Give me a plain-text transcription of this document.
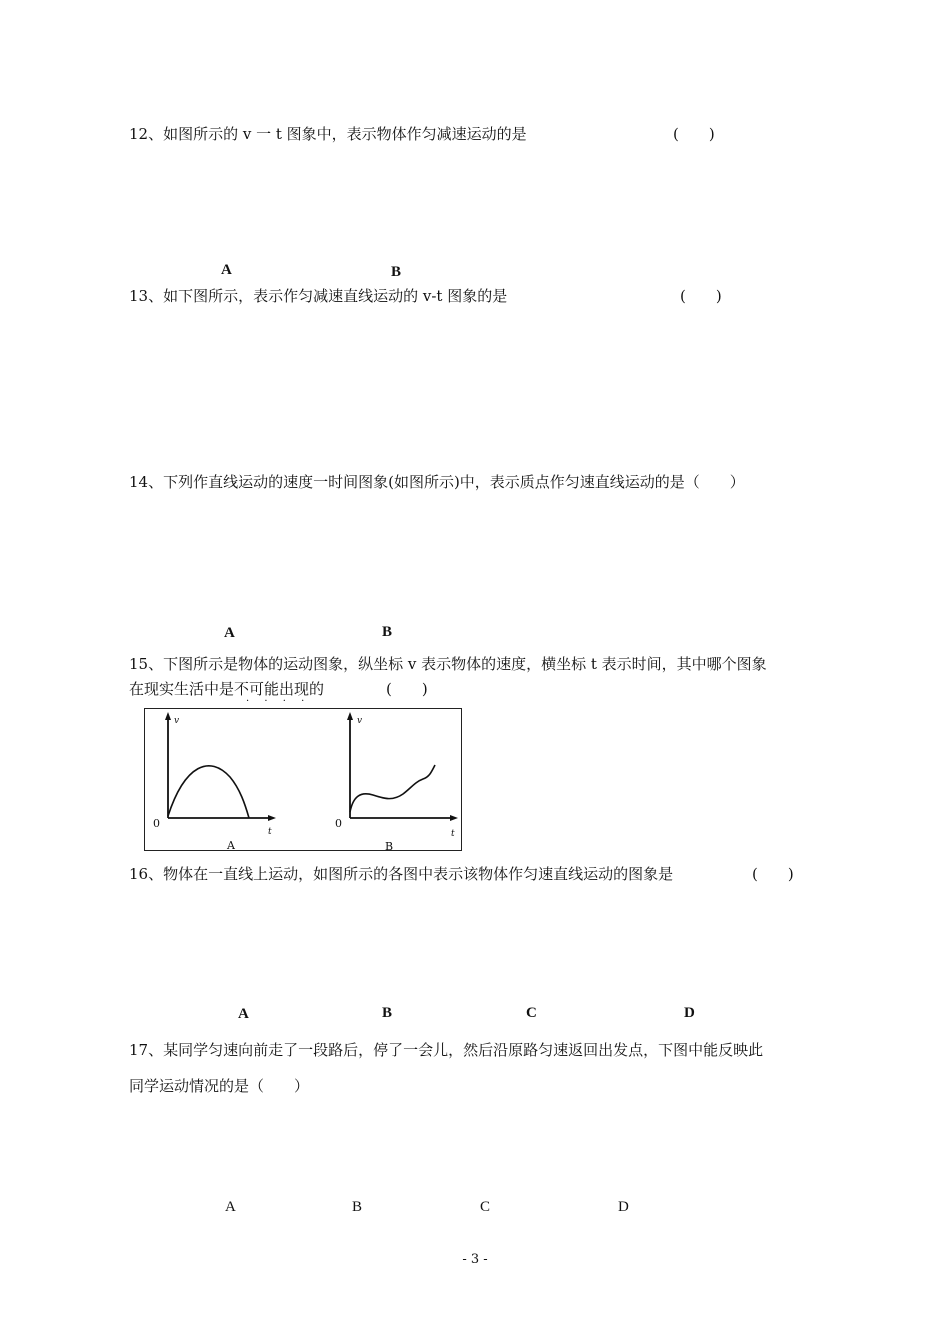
12、如图所示的 v 一 t 图象中，表示物体作匀减速运动的是	(　　)
A	B
13、如下图所示，表示作匀减速直线运动的 v-t 图象的是	(　　)
14、下列作直线运动的速度一时间图象(如图所示)中，表示质点作匀速直线运动的是（　　）
A	B
15、下图所示是物体的运动图象，纵坐标 v 表示物体的速度，横坐标 t 表示时间，其中哪个图象
在现实生活中是不可能出现的	(　　)
· · · ·
v
t
0
A
v
t
0
B
16、物体在一直线上运动，如图所示的各图中表示该物体作匀速直线运动的图象是	(　　)
A	B	C	D
17、某同学匀速向前走了一段路后，停了一会儿，然后沿原路匀速返回出发点，下图中能反映此
同学运动情况的是（　　）
A	B	C	D
- 3 -
